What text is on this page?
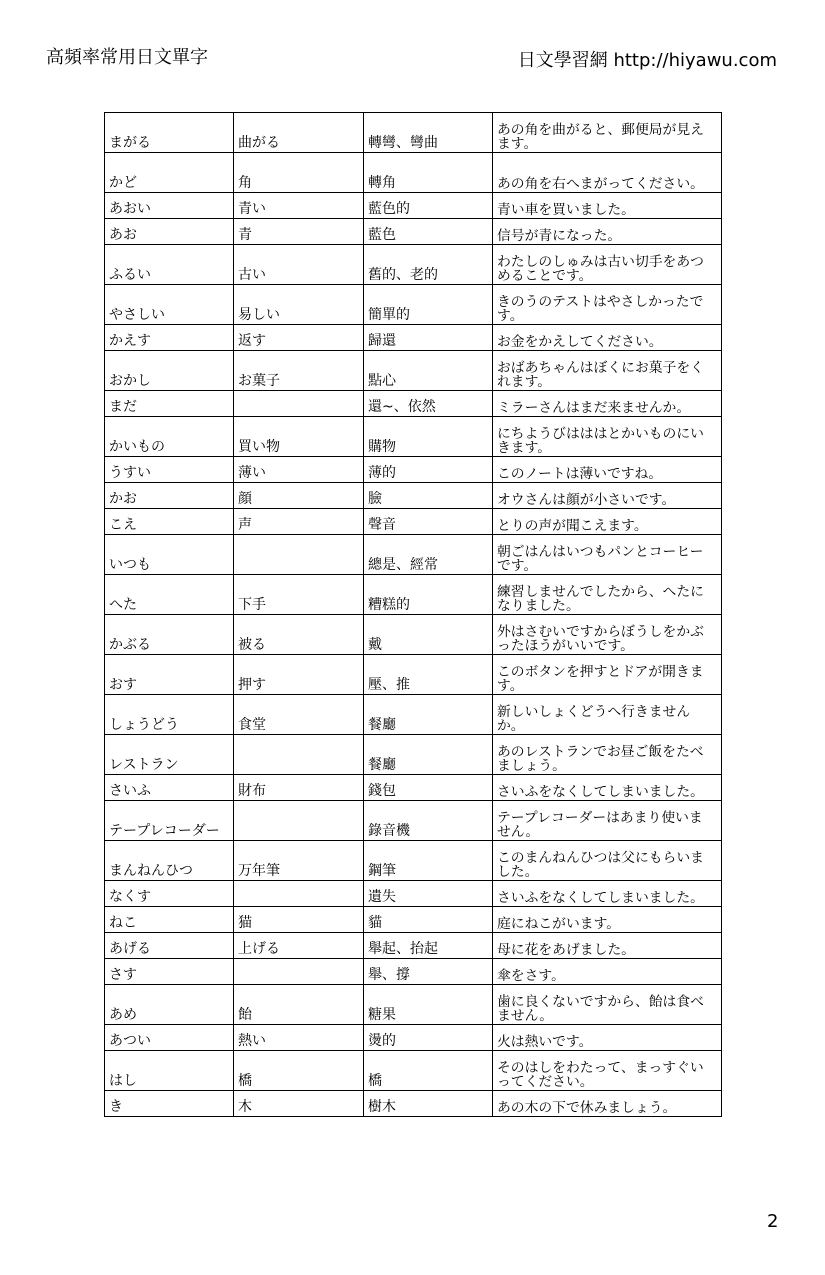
高頻率常用日文單字	日文學習網 http://hiyawu.com
まがる	曲がる	轉彎、彎曲	あの角を曲がると、郵便局が見えます。
かど	角	轉角	あの角を右へまがってください。
あおい	青い	藍色的	青い車を買いました。
あお	青	藍色	信号が青になった。
ふるい	古い	舊的、老的	わたしのしゅみは古い切手をあつめることです。
やさしい	易しい	簡單的	きのうのテストはやさしかったです。
かえす	返す	歸還	お金をかえしてください。
おかし	お菓子	點心	おばあちゃんはぼくにお菓子をくれます。
まだ		還~、依然	ミラーさんはまだ来ませんか。
かいもの	買い物	購物	にちようびはははとかいものにいきます。
うすい	薄い	薄的	このノートは薄いですね。
かお	顔	臉	オウさんは顔が小さいです。
こえ	声	聲音	とりの声が聞こえます。
いつも		總是、經常	朝ごはんはいつもパンとコーヒーです。
へた	下手	糟糕的	練習しませんでしたから、へたになりました。
かぶる	被る	戴	外はさむいですからぼうしをかぶったほうがいいです。
おす	押す	壓、推	このボタンを押すとドアが開きます。
しょうどう	食堂	餐廳	新しいしょくどうへ行きませんか。
レストラン		餐廳	あのレストランでお昼ご飯をたべましょう。
さいふ	財布	錢包	さいふをなくしてしまいました。
テープレコーダー		錄音機	テープレコーダーはあまり使いません。
まんねんひつ	万年筆	鋼筆	このまんねんひつは父にもらいました。
なくす		遺失	さいふをなくしてしまいました。
ねこ	猫	貓	庭にねこがいます。
あげる	上げる	舉起、抬起	母に花をあげました。
さす		舉、撐	傘をさす。
あめ	飴	糖果	歯に良くないですから、飴は食べません。
あつい	熱い	燙的	火は熱いです。
はし	橋	橋	そのはしをわたって、まっすぐいってください。
き	木	樹木	あの木の下で休みましょう。
2
